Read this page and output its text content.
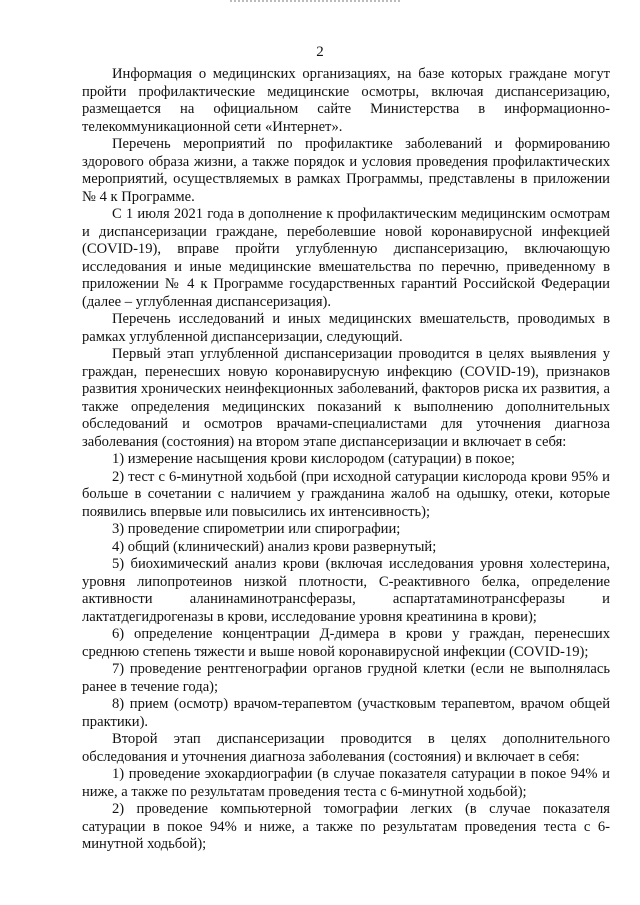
2

Информация о медицинских организациях, на базе которых граждане могут пройти профилактические медицинские осмотры, включая диспансеризацию, размещается на официальном сайте Министерства в информационно-телекоммуникационной сети «Интернет».

Перечень мероприятий по профилактике заболеваний и формированию здорового образа жизни, а также порядок и условия проведения профилактических мероприятий, осуществляемых в рамках Программы, представлены в приложении № 4 к Программе.

С 1 июля 2021 года в дополнение к профилактическим медицинским осмотрам и диспансеризации граждане, переболевшие новой коронавирусной инфекцией (COVID-19), вправе пройти углубленную диспансеризацию, включающую исследования и иные медицинские вмешательства по перечню, приведенному в приложении № 4 к Программе государственных гарантий Российской Федерации (далее – углубленная диспансеризация).

Перечень исследований и иных медицинских вмешательств, проводимых в рамках углубленной диспансеризации, следующий.

Первый этап углубленной диспансеризации проводится в целях выявления у граждан, перенесших новую коронавирусную инфекцию (COVID-19), признаков развития хронических неинфекционных заболеваний, факторов риска их развития, а также определения медицинских показаний к выполнению дополнительных обследований и осмотров врачами-специалистами для уточнения диагноза заболевания (состояния) на втором этапе диспансеризации и включает в себя:

1) измерение насыщения крови кислородом (сатурации) в покое;

2) тест с 6-минутной ходьбой (при исходной сатурации кислорода крови 95% и больше в сочетании с наличием у гражданина жалоб на одышку, отеки, которые появились впервые или повысились их интенсивность);

3) проведение спирометрии или спирографии;

4) общий (клинический) анализ крови развернутый;

5) биохимический анализ крови (включая исследования уровня холестерина, уровня липопротеинов низкой плотности, С-реактивного белка, определение активности аланинаминотрансферазы, аспартатаминотрансферазы и лактатдегидрогеназы в крови, исследование уровня креатинина в крови);

6) определение концентрации Д-димера в крови у граждан, перенесших среднюю степень тяжести и выше новой коронавирусной инфекции (COVID-19);

7) проведение рентгенографии органов грудной клетки (если не выполнялась ранее в течение года);

8) прием (осмотр) врачом-терапевтом (участковым терапевтом, врачом общей практики).

Второй этап диспансеризации проводится в целях дополнительного обследования и уточнения диагноза заболевания (состояния) и включает в себя:

1) проведение эхокардиографии (в случае показателя сатурации в покое 94% и ниже, а также по результатам проведения теста с 6-минутной ходьбой);

2) проведение компьютерной томографии легких (в случае показателя сатурации в покое 94% и ниже, а также по результатам проведения теста с 6-минутной ходьбой);
